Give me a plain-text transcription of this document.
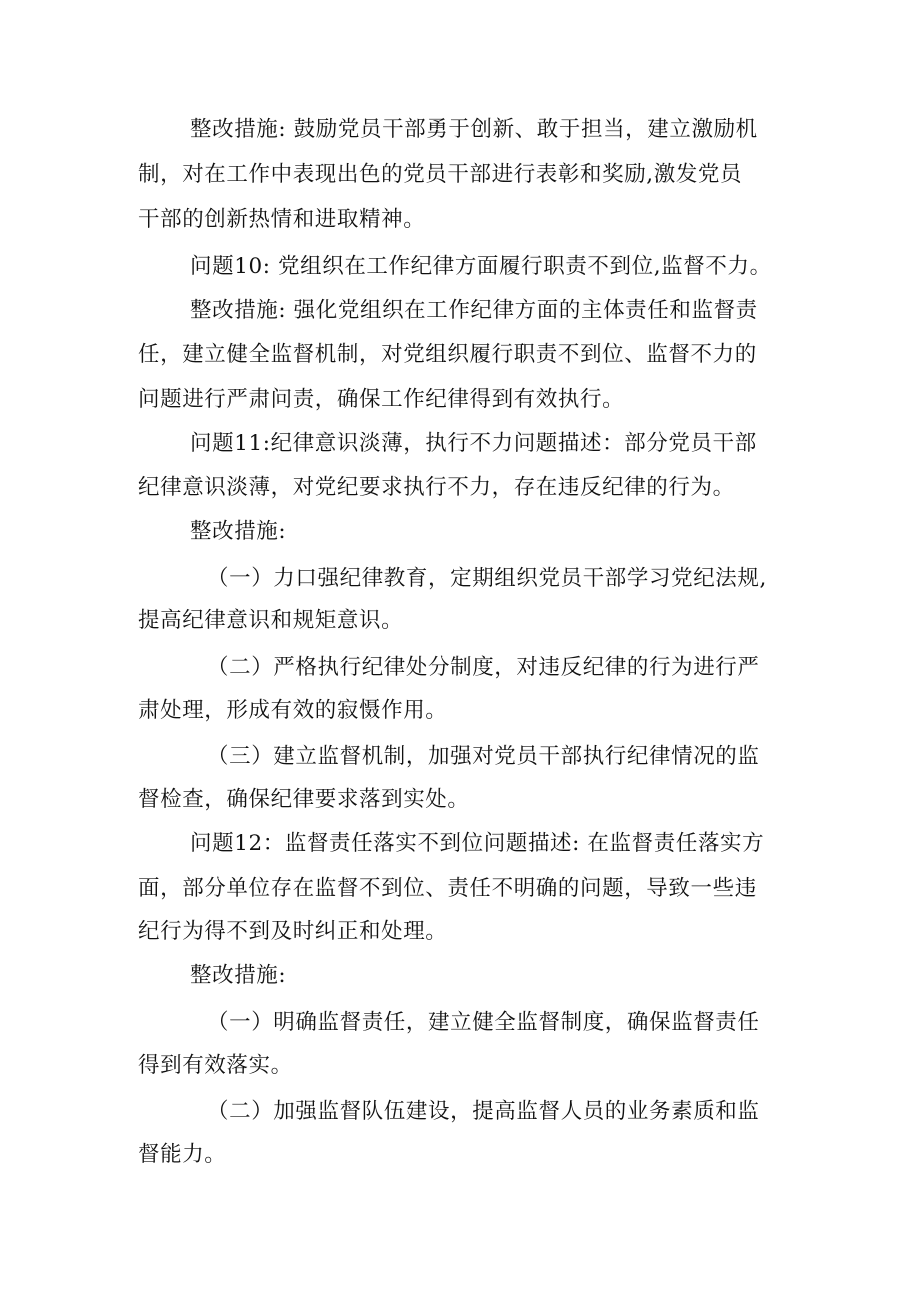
整改措施: 鼓励党员干部勇于创新、敢于担当，建立激励机
制，对在工作中表现出色的党员干部进行表彰和奖励,激发党员
干部的创新热情和进取精神。
问题10: 党组织在工作纪律方面履行职责不到位,监督不力。
整改措施: 强化党组织在工作纪律方面的主体责任和监督责
任，建立健全监督机制，对党组织履行职责不到位、监督不力的
问题进行严肃问责，确保工作纪律得到有效执行。
问题11:纪律意识淡薄，执行不力问题描述：部分党员干部
纪律意识淡薄，对党纪要求执行不力，存在违反纪律的行为。
整改措施:
（一）力口强纪律教育，定期组织党员干部学习党纪法规,
提高纪律意识和规矩意识。
（二）严格执行纪律处分制度，对违反纪律的行为进行严
肃处理，形成有效的寂慑作用。
（三）建立监督机制，加强对党员干部执行纪律情况的监
督检查，确保纪律要求落到实处。
问题12：监督责任落实不到位问题描述: 在监督责任落实方
面，部分单位存在监督不到位、责任不明确的问题，导致一些违
纪行为得不到及时纠正和处理。
整改措施:
（一）明确监督责任，建立健全监督制度，确保监督责任
得到有效落实。
（二）加强监督队伍建设，提高监督人员的业务素质和监
督能力。
